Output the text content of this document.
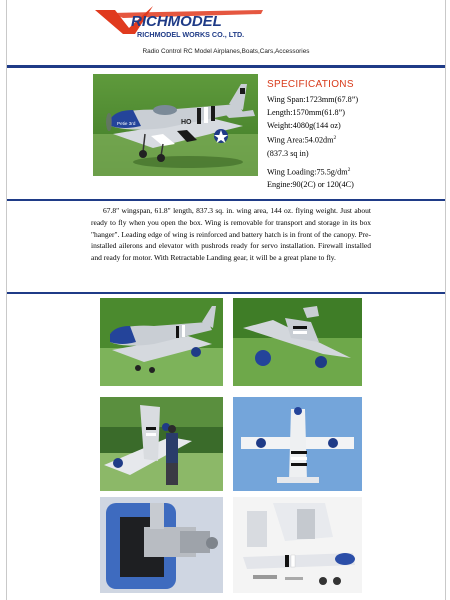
RICHMODEL
RICHMODEL WORKS CO., LTD.
Radio Control RC Model Airplanes,Boats,Cars,Accessories
HO
Petie 3rd
SPECIFICATIONS
Wing Span:1723mm(67.8”)
Length:1570mm(61.8”)
Weight:4080g(144 oz)
Wing $Area:54.02dm^2$
(837.3 sq in)
Wing $Loading:75.5g/dm^2$
Engine:90(2C) or 120(4C)
67.8" wingspan, 61.8" length, 837.3 sq. in. wing area, 144 oz. flying weight. Just about ready to fly when you open the box. Wing is removable for transport and storage in its box "hanger". Leading edge of wing is reinforced and battery hatch is in front of the canopy. Pre-installed ailerons and elevator with pushrods ready for servo installation. Firewall installed and ready for motor. With Retractable Landing gear, it will be a great plane to fly.
